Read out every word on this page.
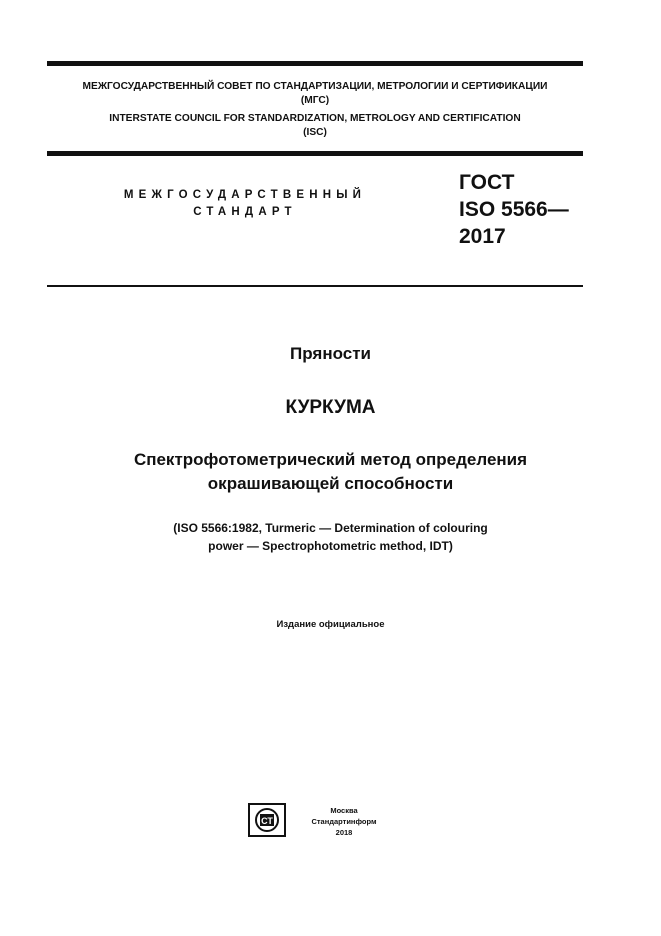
МЕЖГОСУДАРСТВЕННЫЙ СОВЕТ ПО СТАНДАРТИЗАЦИИ, МЕТРОЛОГИИ И СЕРТИФИКАЦИИ
(МГС)
INTERSTATE COUNCIL FOR STANDARDIZATION, METROLOGY AND CERTIFICATION
(ISC)
МЕЖГОСУДАРСТВЕННЫЙ
СТАНДАРТ
ГОСТ
ISO 5566—
2017
Пряности
КУРКУМА
Спектрофотометрический метод определения
окрашивающей способности
(ISO 5566:1982, Turmeric — Determination of colouring
power — Spectrophotometric method, IDT)
Издание официальное
СТ
Москва
Стандартинформ
2018
